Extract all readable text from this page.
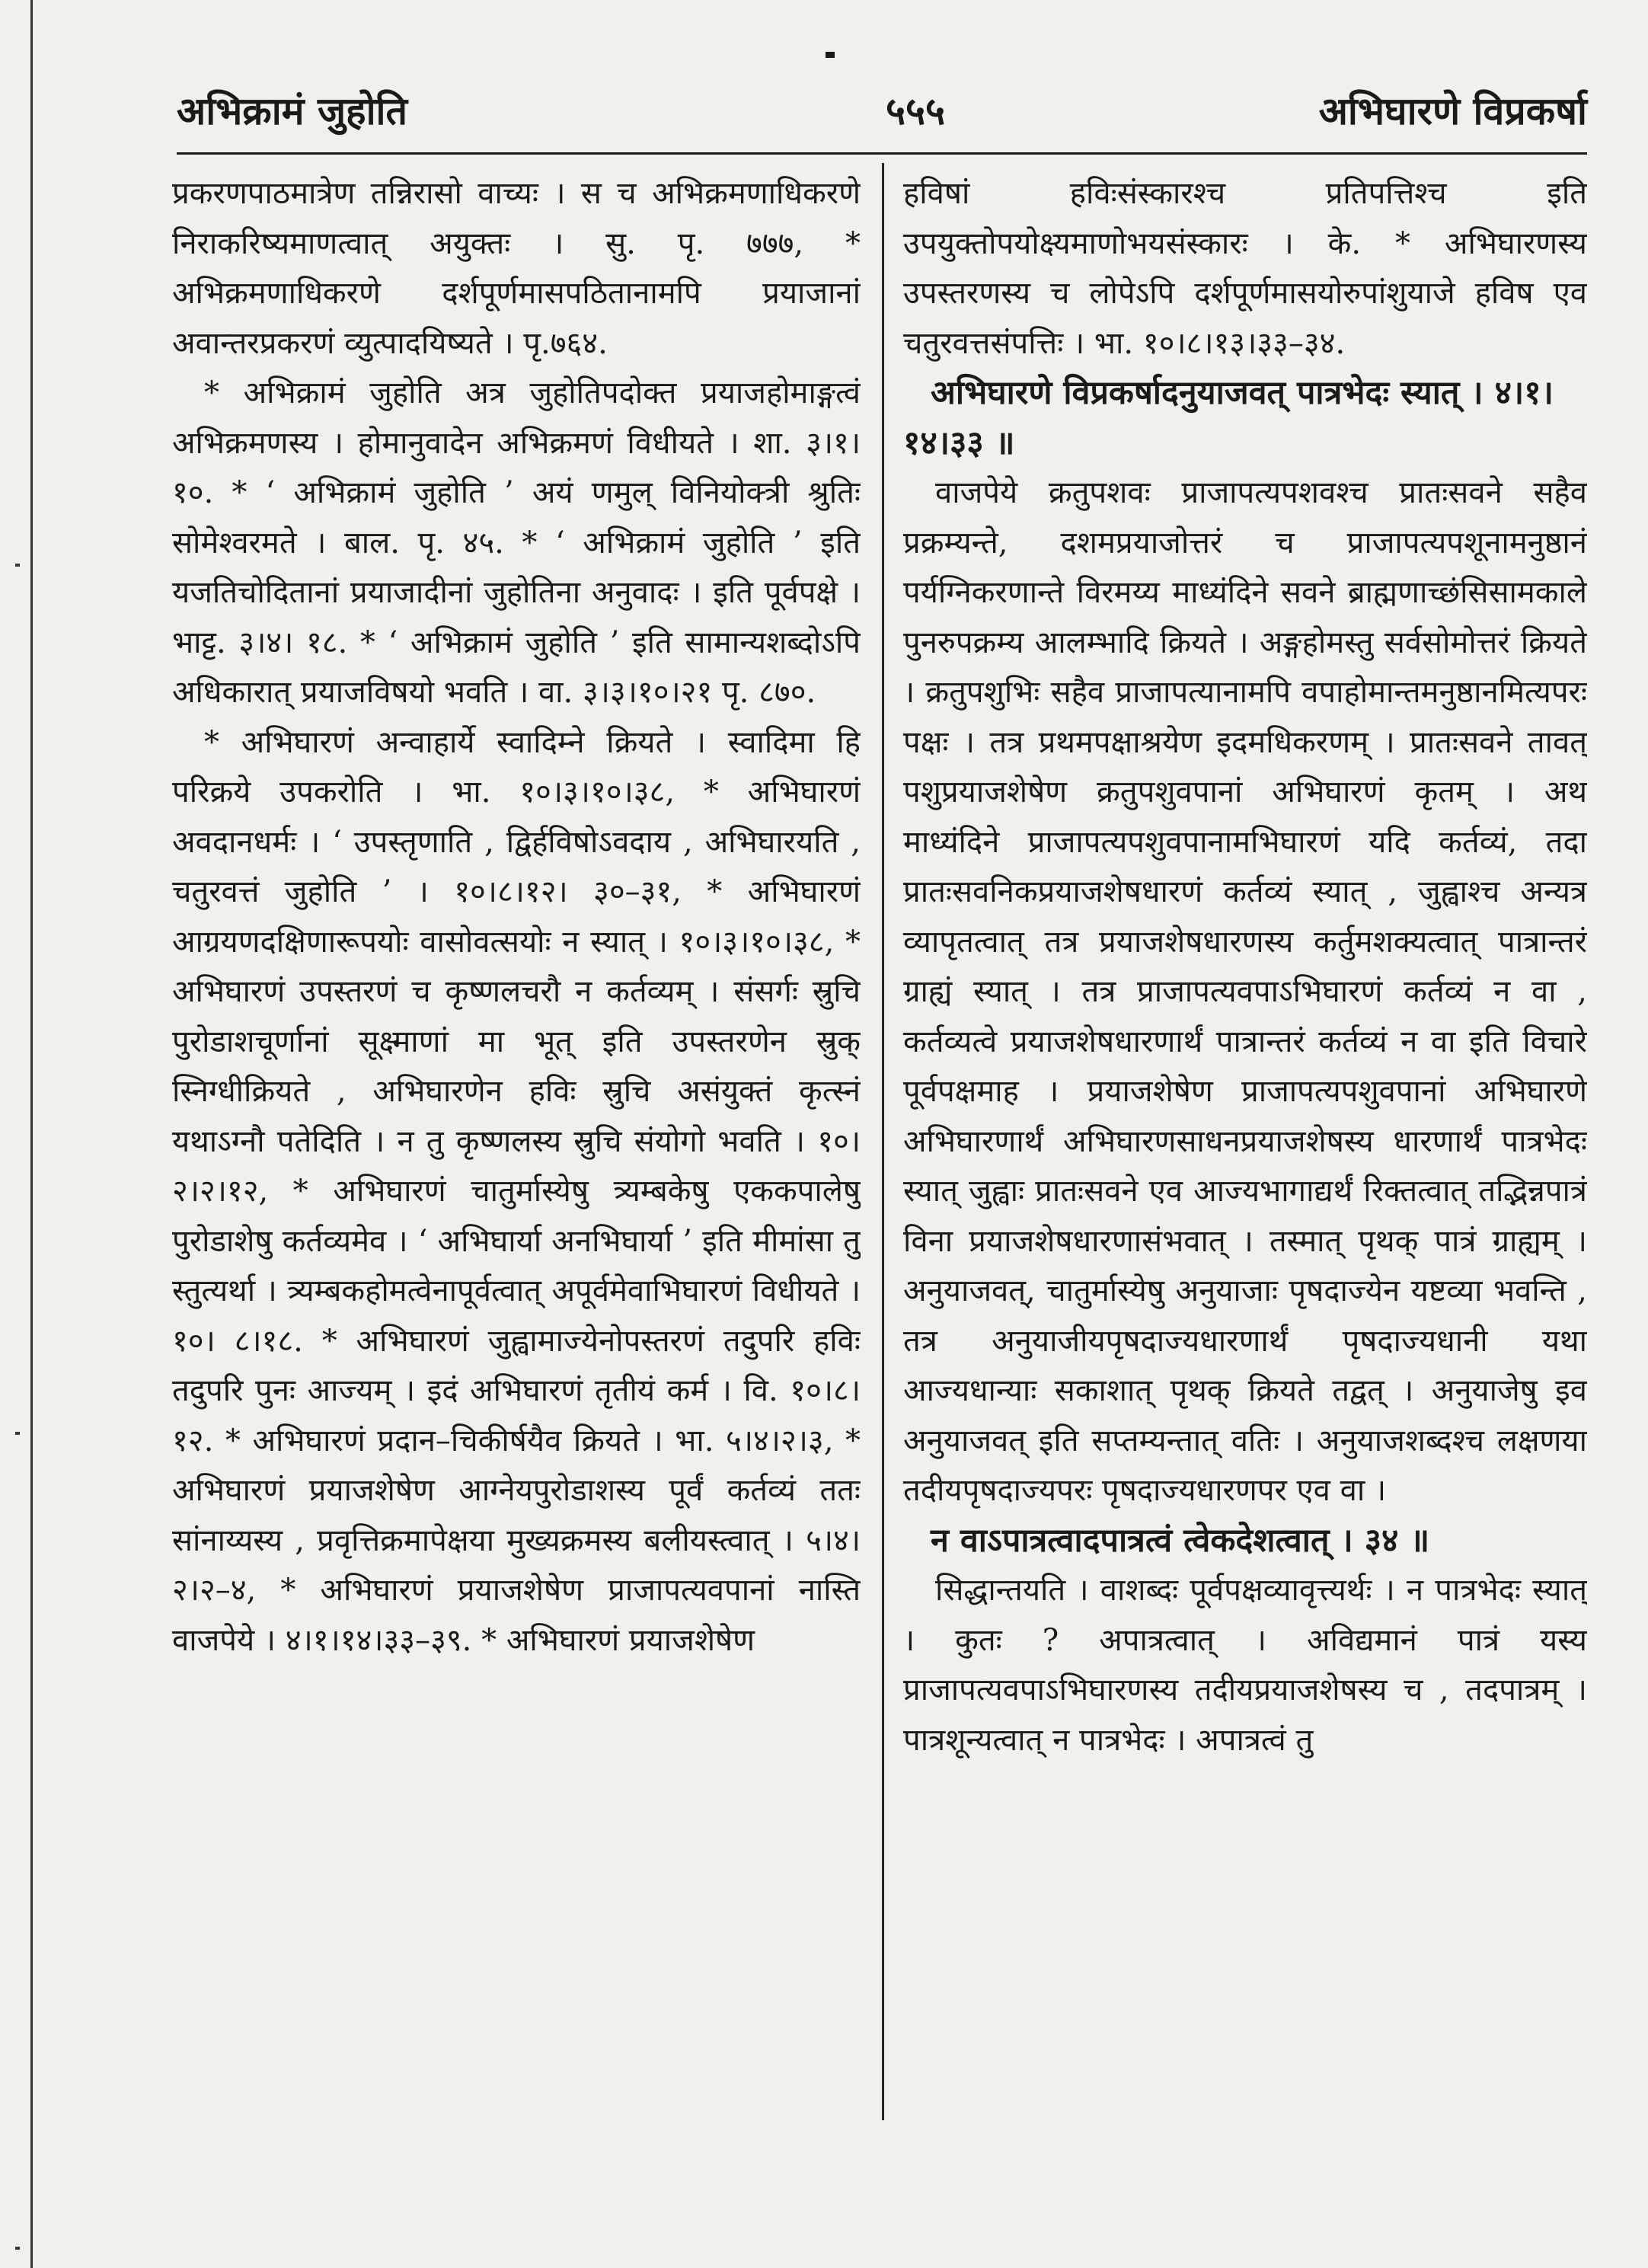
अभिक्रामं जुहोति	५५५	अभिघारणे विप्रकर्षा

प्रकरणपाठमात्रेण तन्निरासो वाच्यः । स च अभिक्रमणाधिकरणे निराकरिष्यमाणत्वात् अयुक्तः । सु. पृ. ७७७, * अभिक्रमणाधिकरणे दर्शपूर्णमासपठितानामपि प्रयाजानां अवान्तरप्रकरणं व्युत्पादयिष्यते । पृ.७६४.

* अभिक्रामं जुहोति अत्र जुहोतिपदोक्त प्रयाजहोमाङ्गत्वं अभिक्रमणस्य । होमानुवादेन अभिक्रमणं विधीयते । शा. ३।१।१०. * ‘ अभिक्रामं जुहोति ’ अयं णमुल् विनियोक्त्री श्रुतिः सोमेश्वरमते । बाल. पृ. ४५. * ‘ अभिक्रामं जुहोति ’ इति यजतिचोदितानां प्रयाजादीनां जुहोतिना अनुवादः । इति पूर्वपक्षे । भाट्ट. ३।४। १८. * ‘ अभिक्रामं जुहोति ’ इति सामान्यशब्दोऽपि अधिकारात् प्रयाजविषयो भवति । वा. ३।३।१०।२१ पृ. ८७०.

* अभिघारणं अन्वाहार्ये स्वादिम्ने क्रियते । स्वादिमा हि परिक्रये उपकरोति । भा. १०।३।१०।३८, * अभिघारणं अवदानधर्मः । ‘ उपस्तृणाति , द्विर्हविषोऽवदाय , अभिघारयति , चतुरवत्तं जुहोति ’ । १०।८।१२। ३०–३१, * अभिघारणं आग्रयणदक्षिणारूपयोः वासोवत्सयोः न स्यात् । १०।३।१०।३८, * अभिघारणं उपस्तरणं च कृष्णलचरौ न कर्तव्यम् । संसर्गः स्रुचि पुरोडाशचूर्णानां सूक्ष्माणां मा भूत् इति उपस्तरणेन स्रुक् स्निग्धीक्रियते , अभिघारणेन हविः स्रुचि असंयुक्तं कृत्स्नं यथाऽग्नौ पतेदिति । न तु कृष्णलस्य स्रुचि संयोगो भवति । १०।२।२।१२, * अभिघारणं चातुर्मास्येषु त्र्यम्बकेषु एककपालेषु पुरोडाशेषु कर्तव्यमेव । ‘ अभिघार्या अनभिघार्या ’ इति मीमांसा तु स्तुत्यर्था । त्र्यम्बकहोमत्वेनापूर्वत्वात् अपूर्वमेवाभिघारणं विधीयते । १०। ८।१८. * अभिघारणं जुह्वामाज्येनोपस्तरणं तदुपरि हविः तदुपरि पुनः आज्यम् । इदं अभिघारणं तृतीयं कर्म । वि. १०।८।१२. * अभिघारणं प्रदान–चिकीर्षयैव क्रियते । भा. ५।४।२।३, * अभिघारणं प्रयाजशेषेण आग्नेयपुरोडाशस्य पूर्वं कर्तव्यं ततः सांनाय्यस्य , प्रवृत्तिक्रमापेक्षया मुख्यक्रमस्य बलीयस्त्वात् । ५।४।२।२–४, * अभिघारणं प्रयाजशेषेण प्राजापत्यवपानां नास्ति वाजपेये । ४।१।१४।३३–३९. * अभिघारणं प्रयाजशेषेण

हविषां हविःसंस्कारश्च प्रतिपत्तिश्च इति उपयुक्तोपयोक्ष्यमाणोभयसंस्कारः । के. * अभिघारणस्य उपस्तरणस्य च लोपेऽपि दर्शपूर्णमासयोरुपांशुयाजे हविष एव चतुरवत्तसंपत्तिः । भा. १०।८।१३।३३–३४.

अभिघारणे विप्रकर्षादनुयाजवत् पात्रभेदः स्यात् । ४।१।१४।३३ ॥

वाजपेये क्रतुपशवः प्राजापत्यपशवश्च प्रातःसवने सहैव प्रक्रम्यन्ते, दशमप्रयाजोत्तरं च प्राजापत्यपशूनामनुष्ठानं पर्यग्निकरणान्ते विरमय्य माध्यंदिने सवने ब्राह्मणाच्छंसिसामकाले पुनरुपक्रम्य आलम्भादि क्रियते । अङ्गहोमस्तु सर्वसोमोत्तरं क्रियते । क्रतुपशुभिः सहैव प्राजापत्यानामपि वपाहोमान्तमनुष्ठानमित्यपरः पक्षः । तत्र प्रथमपक्षाश्रयेण इदमधिकरणम् । प्रातःसवने तावत् पशुप्रयाजशेषेण क्रतुपशुवपानां अभिघारणं कृतम् । अथ माध्यंदिने प्राजापत्यपशुवपानामभिघारणं यदि कर्तव्यं, तदा प्रातःसवनिकप्रयाजशेषधारणं कर्तव्यं स्यात् , जुह्वाश्च अन्यत्र व्यापृतत्वात् तत्र प्रयाजशेषधारणस्य कर्तुमशक्यत्वात् पात्रान्तरं ग्राह्यं स्यात् । तत्र प्राजापत्यवपाऽभिघारणं कर्तव्यं न वा , कर्तव्यत्वे प्रयाजशेषधारणार्थं पात्रान्तरं कर्तव्यं न वा इति विचारे पूर्वपक्षमाह । प्रयाजशेषेण प्राजापत्यपशुवपानां अभिघारणे अभिघारणार्थं अभिघारणसाधनप्रयाजशेषस्य धारणार्थं पात्रभेदः स्यात् जुह्वाः प्रातःसवने एव आज्यभागाद्यर्थं रिक्तत्वात् तद्भिन्नपात्रं विना प्रयाजशेषधारणासंभवात् । तस्मात् पृथक् पात्रं ग्राह्यम् । अनुयाजवत्, चातुर्मास्येषु अनुयाजाः पृषदाज्येन यष्टव्या भवन्ति , तत्र अनुयाजीयपृषदाज्यधारणार्थं पृषदाज्यधानी यथा आज्यधान्याः सकाशात् पृथक् क्रियते तद्वत् । अनुयाजेषु इव अनुयाजवत् इति सप्तम्यन्तात् वतिः । अनुयाजशब्दश्च लक्षणया तदीयपृषदाज्यपरः पृषदाज्यधारणपर एव वा ।

न वाऽपात्रत्वादपात्रत्वं त्वेकदेशत्वात् । ३४ ॥

सिद्धान्तयति । वाशब्दः पूर्वपक्षव्यावृत्त्यर्थः । न पात्रभेदः स्यात् । कुतः ? अपात्रत्वात् । अविद्यमानं पात्रं यस्य प्राजापत्यवपाऽभिघारणस्य तदीयप्रयाजशेषस्य च , तदपात्रम् । पात्रशून्यत्वात् न पात्रभेदः । अपात्रत्वं तु
